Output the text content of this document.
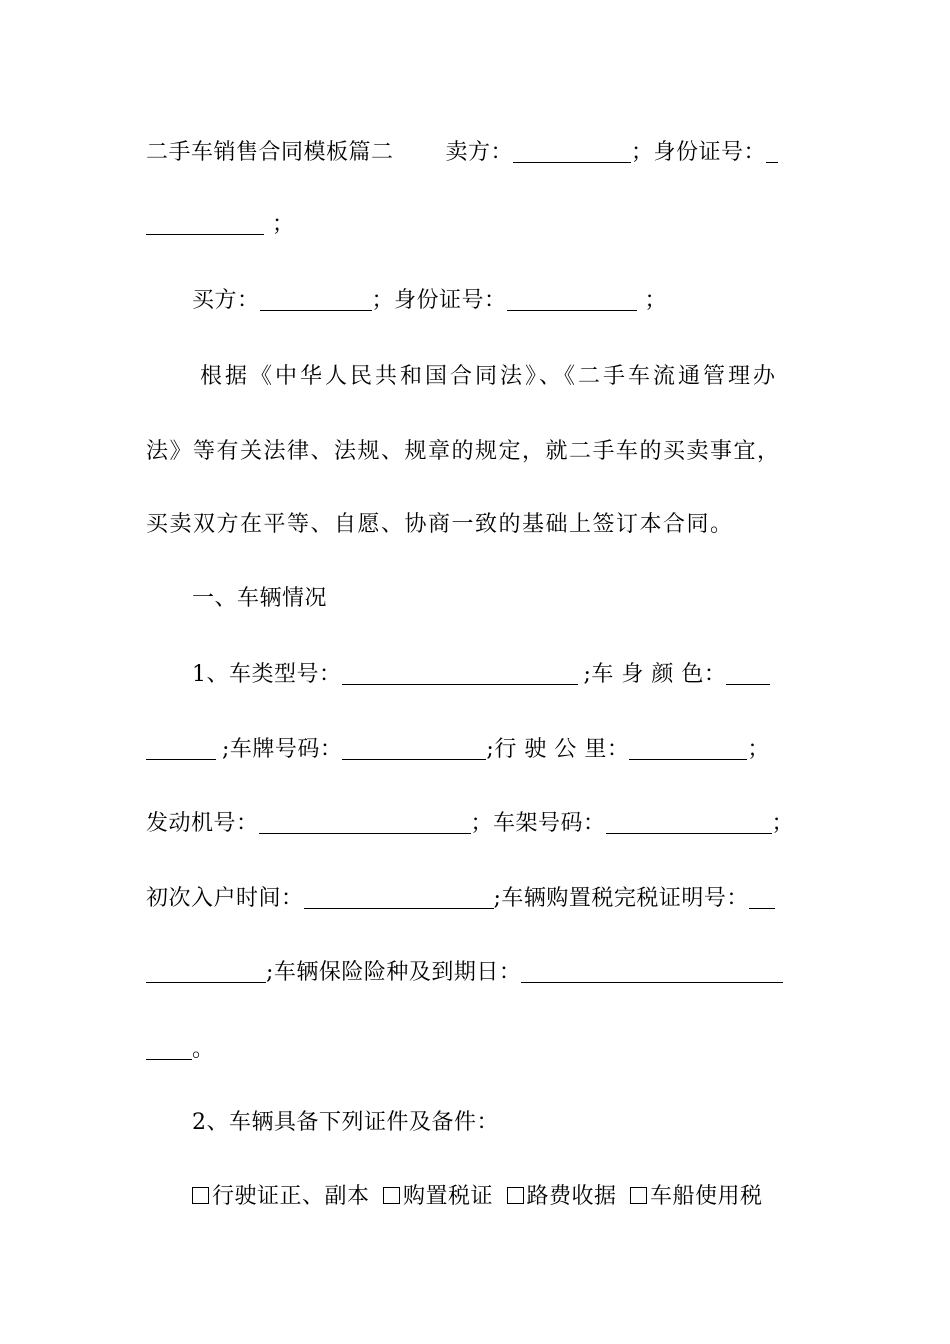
二手车销售合同模板篇二 卖方：	；身份证号：
；
买方：	；身份证号：	；
根据《中华人民共和国合同法》、《二手车流通管理办
法》等有关法律、法规、规章的规定，就二手车的买卖事宜，
买卖双方在平等、自愿、协商一致的基础上签订本合同。
一、车辆情况
1、车类型号：	;车 身 颜 色：
;车牌号码：	;行 驶 公 里：	；
发动机号：	；车架号码：	；
初次入户时间：	;车辆购置税完税证明号：
;车辆保险险种及到期日：
。
2、车辆具备下列证件及备件：
行驶证正、副本 购置税证 路费收据 车船使用税
